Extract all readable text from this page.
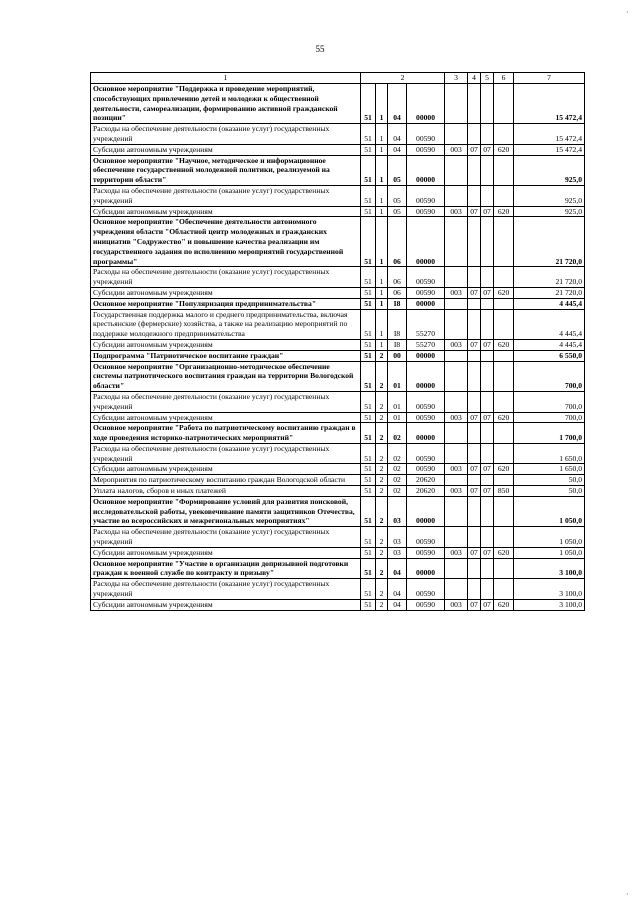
55
·
·
1	2				3	4	5	6	7
Основное мероприятие "Поддержка и проведение мероприятий, способствующих привлечению детей и молодежи к общественной деятельности, самореализации, формированию активной гражданской позиции"	51	1	04	00000					15 472,4
Расходы на обеспечение деятельности (оказание услуг) государственных учреждений	51	1	04	00590					15 472,4
Субсидии автономным учреждениям	51	1	04	00590	003	07	07	620	15 472,4
Основное мероприятие "Научное, методическое и информационное обеспечение государственной молодежной политики, реализуемой на территории области"	51	1	05	00000					925,0
Расходы на обеспечение деятельности (оказание услуг) государственных учреждений	51	1	05	00590					925,0
Субсидии автономным учреждениям	51	1	05	00590	003	07	07	620	925,0
Основное мероприятие "Обеспечение деятельности автономного учреждения области "Областной центр молодежных и гражданских инициатив "Содружество" и повышение качества реализации им государственного задания по исполнению мероприятий государственной программы"	51	1	06	00000					21 720,0
Расходы на обеспечение деятельности (оказание услуг) государственных учреждений	51	1	06	00590					21 720,0
Субсидии автономным учреждениям	51	1	06	00590	003	07	07	620	21 720,0
Основное мероприятие "Популяризация предпринимательства"	51	1	I8	00000					4 445,4
Государственная поддержка малого и среднего предпринимательства, включая крестьянские (фермерские) хозяйства, а также на реализацию мероприятий по поддержке молодежного предпринимательства	51	1	I8	55270					4 445,4
Субсидии автономным учреждениям	51	1	I8	55270	003	07	07	620	4 445,4
Подпрограмма "Патриотическое воспитание граждан"	51	2	00	00000					6 550,0
Основное мероприятие "Организационно-методическое обеспечение системы патриотического воспитания граждан на территории Вологодской области"	51	2	01	00000					700,0
Расходы на обеспечение деятельности (оказание услуг) государственных учреждений	51	2	01	00590					700,0
Субсидии автономным учреждениям	51	2	01	00590	003	07	07	620	700,0
Основное мероприятие "Работа по патриотическому воспитанию граждан в ходе проведения историко-патриотических мероприятий"	51	2	02	00000					1 700,0
Расходы на обеспечение деятельности (оказание услуг) государственных учреждений	51	2	02	00590					1 650,0
Субсидии автономным учреждениям	51	2	02	00590	003	07	07	620	1 650,0
Мероприятия по патриотическому воспитанию граждан Вологодской области	51	2	02	20620					50,0
Уплата налогов, сборов и иных платежей	51	2	02	20620	003	07	07	850	50,0
Основное мероприятие "Формирование условий для развития поисковой, исследовательской работы, увековечивание памяти защитников Отечества, участие во всероссийских и межрегиональных мероприятиях"	51	2	03	00000					1 050,0
Расходы на обеспечение деятельности (оказание услуг) государственных учреждений	51	2	03	00590					1 050,0
Субсидии автономным учреждениям	51	2	03	00590	003	07	07	620	1 050,0
Основное мероприятие "Участие в организации допризывной подготовки граждан к военной службе по контракту и призыву"	51	2	04	00000					3 100,0
Расходы на обеспечение деятельности (оказание услуг) государственных учреждений	51	2	04	00590					3 100,0
Субсидии автономным учреждениям	51	2	04	00590	003	07	07	620	3 100,0
